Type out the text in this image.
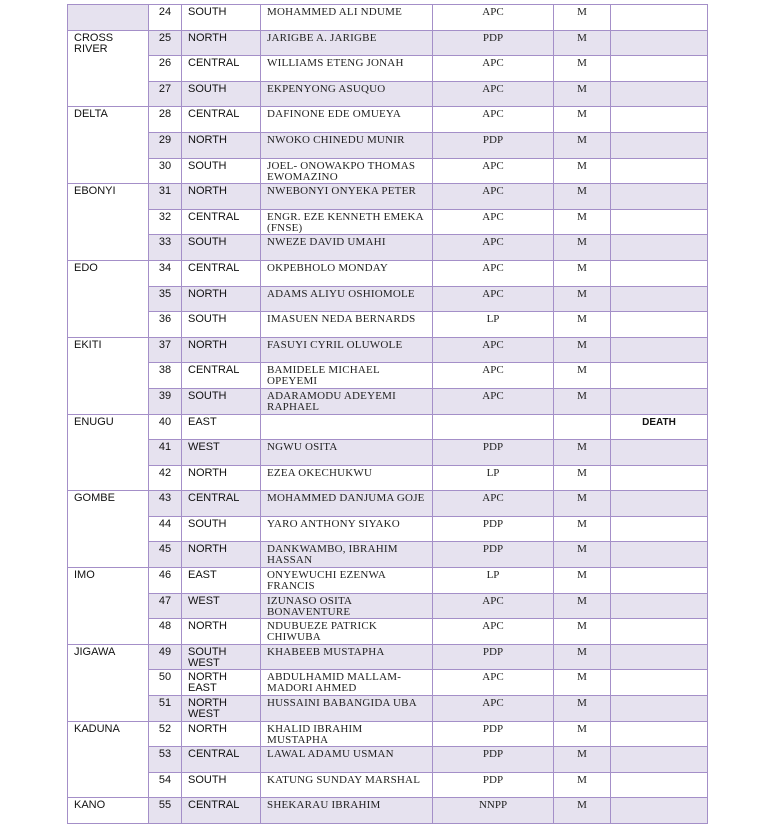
	24	SOUTH	MOHAMMED ALI NDUME	APC	M	
CROSS RIVER	25	NORTH	JARIGBE A. JARIGBE	PDP	M	
	26	CENTRAL	WILLIAMS ETENG JONAH	APC	M	
	27	SOUTH	EKPENYONG ASUQUO	APC	M	
DELTA	28	CENTRAL	DAFINONE EDE OMUEYA	APC	M	
	29	NORTH	NWOKO CHINEDU MUNIR	PDP	M	
	30	SOUTH	JOEL- ONOWAKPO THOMAS EWOMAZINO	APC	M	
EBONYI	31	NORTH	NWEBONYI ONYEKA PETER	APC	M	
	32	CENTRAL	ENGR. EZE KENNETH EMEKA (FNSE)	APC	M	
	33	SOUTH	NWEZE DAVID UMAHI	APC	M	
EDO	34	CENTRAL	OKPEBHOLO MONDAY	APC	M	
	35	NORTH	ADAMS ALIYU OSHIOMOLE	APC	M	
	36	SOUTH	IMASUEN NEDA BERNARDS	LP	M	
EKITI	37	NORTH	FASUYI CYRIL OLUWOLE	APC	M	
	38	CENTRAL	BAMIDELE MICHAEL OPEYEMI	APC	M	
	39	SOUTH	ADARAMODU ADEYEMI RAPHAEL	APC	M	
ENUGU	40	EAST				DEATH
	41	WEST	NGWU OSITA	PDP	M	
	42	NORTH	EZEA OKECHUKWU	LP	M	
GOMBE	43	CENTRAL	MOHAMMED DANJUMA GOJE	APC	M	
	44	SOUTH	YARO ANTHONY SIYAKO	PDP	M	
	45	NORTH	DANKWAMBO, IBRAHIM HASSAN	PDP	M	
IMO	46	EAST	ONYEWUCHI EZENWA FRANCIS	LP	M	
	47	WEST	IZUNASO OSITA BONAVENTURE	APC	M	
	48	NORTH	NDUBUEZE PATRICK CHIWUBA	APC	M	
JIGAWA	49	SOUTH WEST	KHABEEB MUSTAPHA	PDP	M	
	50	NORTH EAST	ABDULHAMID MALLAM-MADORI AHMED	APC	M	
	51	NORTH WEST	HUSSAINI BABANGIDA UBA	APC	M	
KADUNA	52	NORTH	KHALID IBRAHIM MUSTAPHA	PDP	M	
	53	CENTRAL	LAWAL ADAMU USMAN	PDP	M	
	54	SOUTH	KATUNG SUNDAY MARSHAL	PDP	M	
KANO	55	CENTRAL	SHEKARAU IBRAHIM	NNPP	M	
